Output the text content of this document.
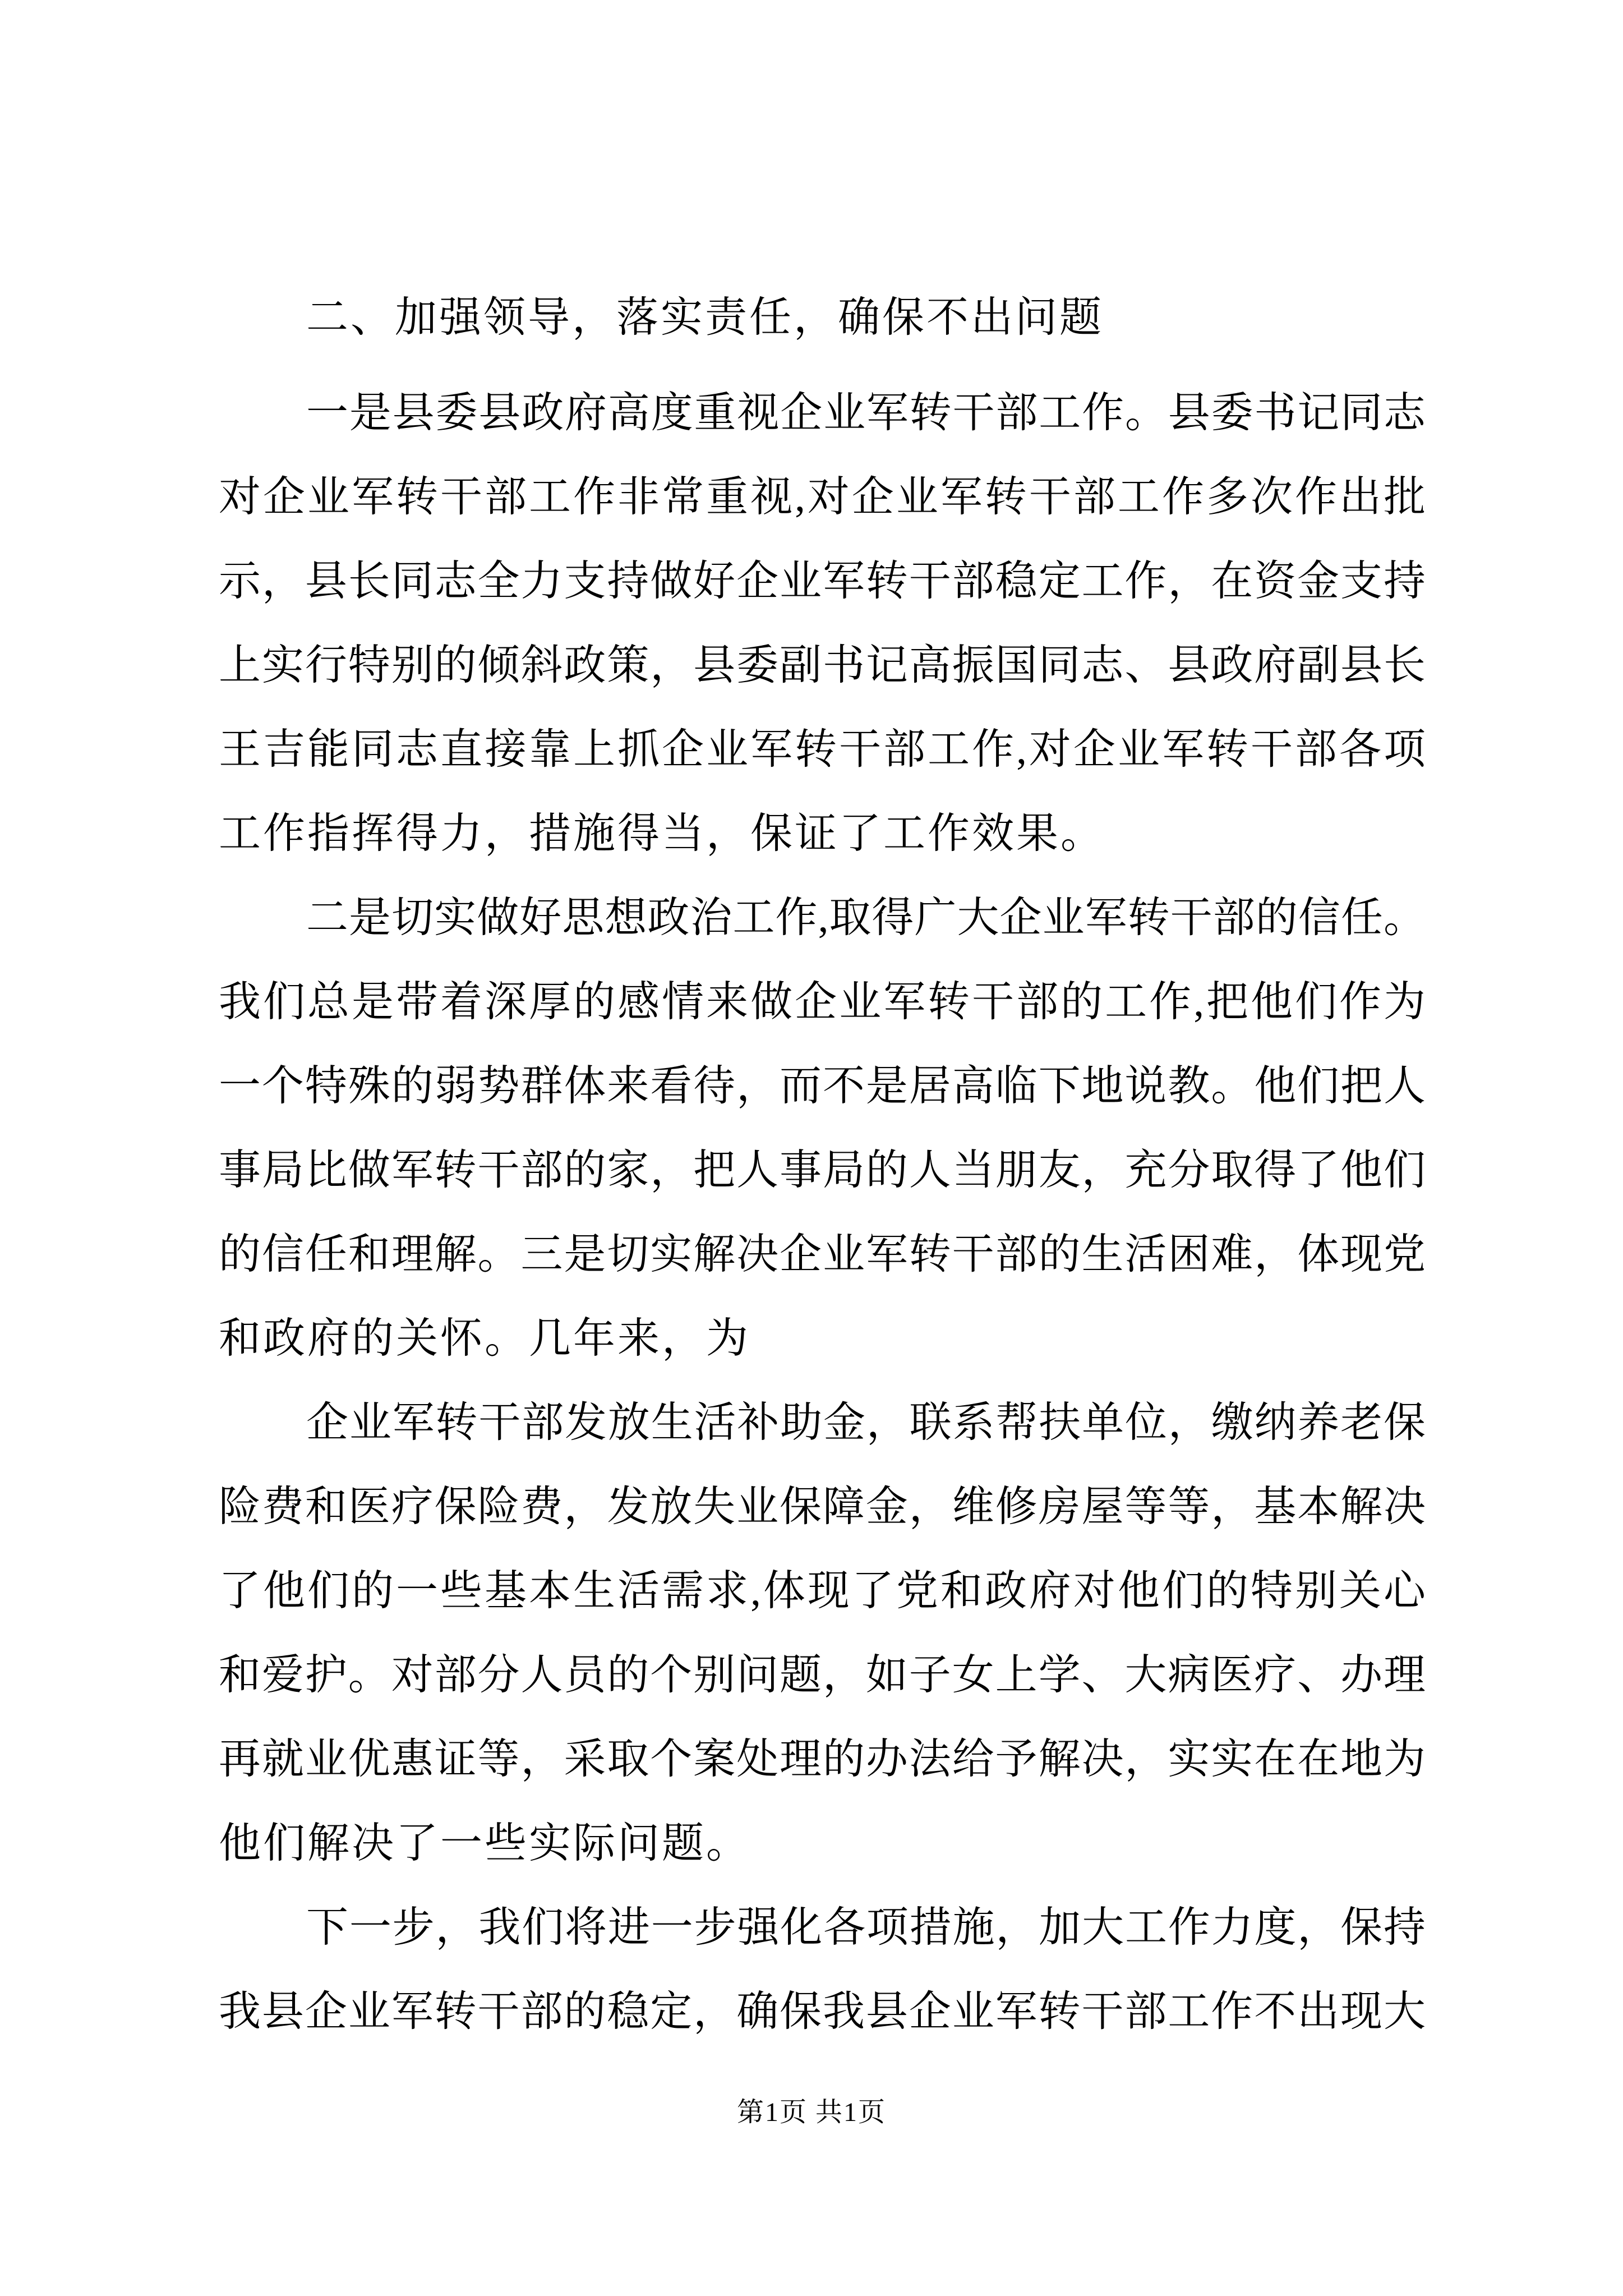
二、加强领导，落实责任，确保不出问题
一是县委县政府高度重视企业军转干部工作。县委书记同志
对企业军转干部工作非常重视,对企业军转干部工作多次作出批
示，县长同志全力支持做好企业军转干部稳定工作，在资金支持
上实行特别的倾斜政策，县委副书记高振国同志、县政府副县长
王吉能同志直接靠上抓企业军转干部工作,对企业军转干部各项
工作指挥得力，措施得当，保证了工作效果。
二是切实做好思想政治工作,取得广大企业军转干部的信任。
我们总是带着深厚的感情来做企业军转干部的工作,把他们作为
一个特殊的弱势群体来看待，而不是居高临下地说教。他们把人
事局比做军转干部的家，把人事局的人当朋友，充分取得了他们
的信任和理解。三是切实解决企业军转干部的生活困难，体现党
和政府的关怀。几年来，为
企业军转干部发放生活补助金，联系帮扶单位，缴纳养老保
险费和医疗保险费，发放失业保障金，维修房屋等等，基本解决
了他们的一些基本生活需求,体现了党和政府对他们的特别关心
和爱护。对部分人员的个别问题，如子女上学、大病医疗、办理
再就业优惠证等，采取个案处理的办法给予解决，实实在在地为
他们解决了一些实际问题。
下一步，我们将进一步强化各项措施，加大工作力度，保持
我县企业军转干部的稳定，确保我县企业军转干部工作不出现大
第1页 共1页
